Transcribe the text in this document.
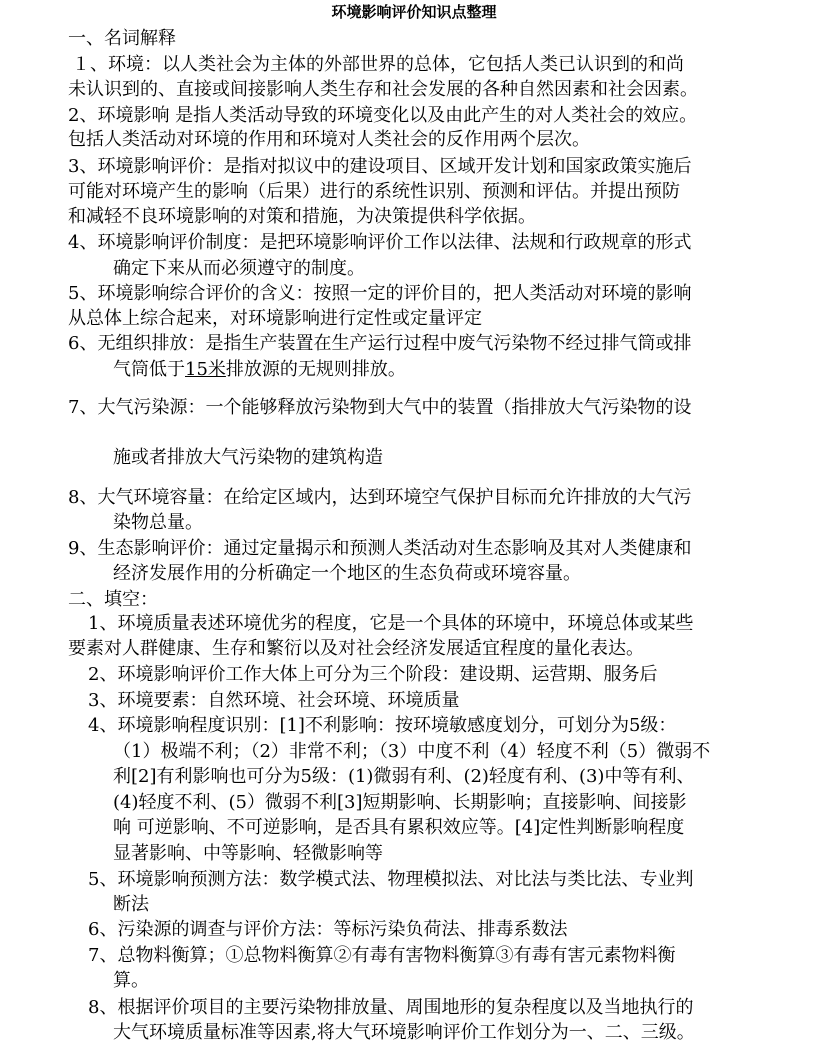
环境影响评价知识点整理
一、名词解释
１、环境：以人类社会为主体的外部世界的总体，它包括人类已认识到的和尚
未认识到的、直接或间接影响人类生存和社会发展的各种自然因素和社会因素。
2、环境影响 是指人类活动导致的环境变化以及由此产生的对人类社会的效应。
包括人类活动对环境的作用和环境对人类社会的反作用两个层次。
3、环境影响评价：是指对拟议中的建设项目、区域开发计划和国家政策实施后
可能对环境产生的影响（后果）进行的系统性识别、预测和评估。并提出预防
和减轻不良环境影响的对策和措施，为决策提供科学依据。
4、环境影响评价制度：是把环境影响评价工作以法律、法规和行政规章的形式
确定下来从而必须遵守的制度。
5、环境影响综合评价的含义：按照一定的评价目的，把人类活动对环境的影响
从总体上综合起来，对环境影响进行定性或定量评定
6、无组织排放：是指生产装置在生产运行过程中废气污染物不经过排气筒或排
气筒低于15米排放源的无规则排放。
7、大气污染源：一个能够释放污染物到大气中的装置（指排放大气污染物的设
施或者排放大气污染物的建筑构造
8、大气环境容量：在给定区域内，达到环境空气保护目标而允许排放的大气污
染物总量。
9、生态影响评价：通过定量揭示和预测人类活动对生态影响及其对人类健康和
经济发展作用的分析确定一个地区的生态负荷或环境容量。
二、填空：
1、环境质量表述环境优劣的程度，它是一个具体的环境中，环境总体或某些
要素对人群健康、生存和繁衍以及对社会经济发展适宜程度的量化表达。
2、环境影响评价工作大体上可分为三个阶段：建设期、运营期、服务后
3、环境要素：自然环境、社会环境、环境质量
4、环境影响程度识别：[1]不利影响：按环境敏感度划分，可划分为5级：
（1）极端不利；（2）非常不利；（3）中度不利（4）轻度不利（5）微弱不
利[2]有利影响也可分为5级：(1)微弱有利、(2)轻度有利、(3)中等有利、
(4)轻度不利、(5）微弱不利[3]短期影响、长期影响；直接影响、间接影
响 可逆影响、不可逆影响，是否具有累积效应等。[4]定性判断影响程度
显著影响、中等影响、轻微影响等
5、环境影响预测方法：数学模式法、物理模拟法、对比法与类比法、专业判
断法
6、污染源的调查与评价方法：等标污染负荷法、排毒系数法
7、总物料衡算；①总物料衡算②有毒有害物料衡算③有毒有害元素物料衡
算。
8、根据评价项目的主要污染物排放量、周围地形的复杂程度以及当地执行的
大气环境质量标准等因素,将大气环境影响评价工作划分为一、二、三级。
